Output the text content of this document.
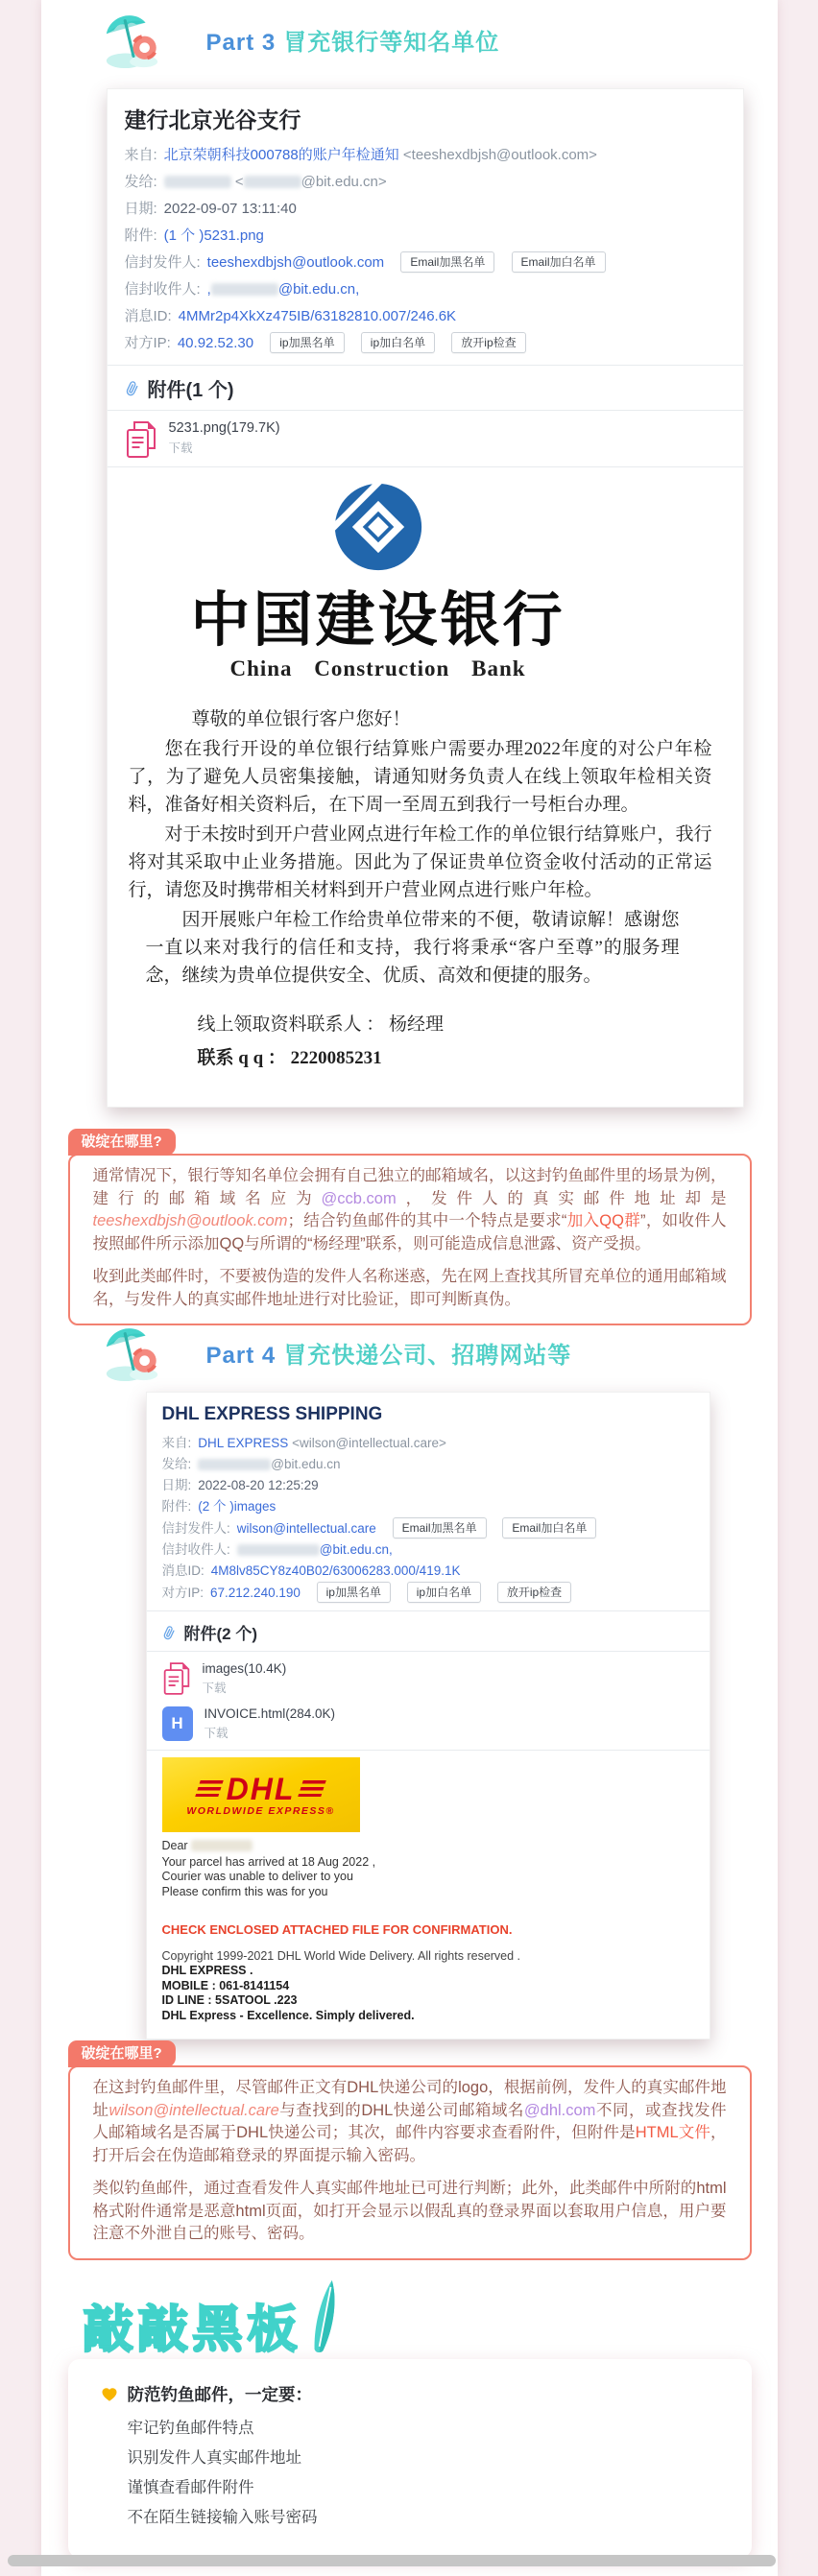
Part 3 冒充银行等知名单位
建行北京光谷支行
来自: 北京荣朝科技000788的账户年检通知 <teeshexdbjsh@outlook.com>
发给:	<	@bit.edu.cn>
日期: 2022-09-07 13:11:40
附件: (1 个 )5231.png
信封发件人: teeshexdbjsh@outlook.com Email加黑名单	Email加白名单
信封收件人: ,	@bit.edu.cn,
消息ID: 4MMr2p4XkXz475IB/63182810.007/246.6K
对方IP: 40.92.52.30 ip加黑名单	ip加白名单	放开ip检查
附件(1 个)
5231.png(179.7K)
下载
中国建设银行
China Construction Bank

尊敬的单位银行客户您好！

您在我行开设的单位银行结算账户需要办理2022年度的对公户年检了，为了避免人员密集接触，请通知财务负责人在线上领取年检相关资料，准备好相关资料后，在下周一至周五到我行一号柜台办理。

对于未按时到开户营业网点进行年检工作的单位银行结算账户，我行将对其采取中止业务措施。因此为了保证贵单位资金收付活动的正常运行，请您及时携带相关材料到开户营业网点进行账户年检。

因开展账户年检工作给贵单位带来的不便，敬请谅解！感谢您一直以来对我行的信任和支持，我行将秉承“客户至尊”的服务理念，继续为贵单位提供安全、优质、高效和便捷的服务。

线上领取资料联系人 ： 杨经理

联系 q q ： 2220085231

破绽在哪里?

通常情况下，银行等知名单位会拥有自己独立的邮箱域名，以这封钓鱼邮件里的场景为例，建行的邮箱域名应为@ccb.com，发件人的真实邮件地址却是teeshexdbjsh@outlook.com；结合钓鱼邮件的其中一个特点是要求“加入QQ群”，如收件人按照邮件所示添加QQ与所谓的“杨经理”联系，则可能造成信息泄露、资产受损。

收到此类邮件时，不要被伪造的发件人名称迷惑，先在网上查找其所冒充单位的通用邮箱域名，与发件人的真实邮件地址进行对比验证，即可判断真伪。

Part 4 冒充快递公司、招聘网站等
DHL EXPRESS SHIPPING
来自: DHL EXPRESS <wilson@intellectual.care>
发给:	@bit.edu.cn
日期: 2022-08-20 12:25:29
附件: (2 个 )images
信封发件人: wilson@intellectual.care Email加黑名单	Email加白名单
信封收件人:	@bit.edu.cn,
消息ID: 4M8lv85CY8z40B02/63006283.000/419.1K
对方IP: 67.212.240.190 ip加黑名单	ip加白名单	放开ip检查
附件(2 个)
images(10.4K)
下载
H
INVOICE.html(284.0K)
下载
DHL
WORLDWIDE EXPRESS®

Dear

Your parcel has arrived at 18 Aug 2022 ,

Courier was unable to deliver to you

Please confirm this was for you

CHECK ENCLOSED ATTACHED FILE FOR CONFIRMATION.

Copyright 1999-2021 DHL World Wide Delivery. All rights reserved .

DHL EXPRESS .

MOBILE : 061-8141154

ID LINE : 5SATOOL .223

DHL Express - Excellence. Simply delivered.

破绽在哪里?

在这封钓鱼邮件里，尽管邮件正文有DHL快递公司的logo，根据前例，发件人的真实邮件地址wilson@intellectual.care与查找到的DHL快递公司邮箱域名@dhl.com不同，或查找发件人邮箱域名是否属于DHL快递公司；其次，邮件内容要求查看附件，但附件是HTML文件，打开后会在伪造邮箱登录的界面提示输入密码。

类似钓鱼邮件，通过查看发件人真实邮件地址已可进行判断；此外，此类邮件中所附的html格式附件通常是恶意html页面，如打开会显示以假乱真的登录界面以套取用户信息，用户要注意不外泄自己的账号、密码。

敲敲黑板
防范钓鱼邮件，一定要：
牢记钓鱼邮件特点
识别发件人真实邮件地址
谨慎查看邮件附件
不在陌生链接输入账号密码
